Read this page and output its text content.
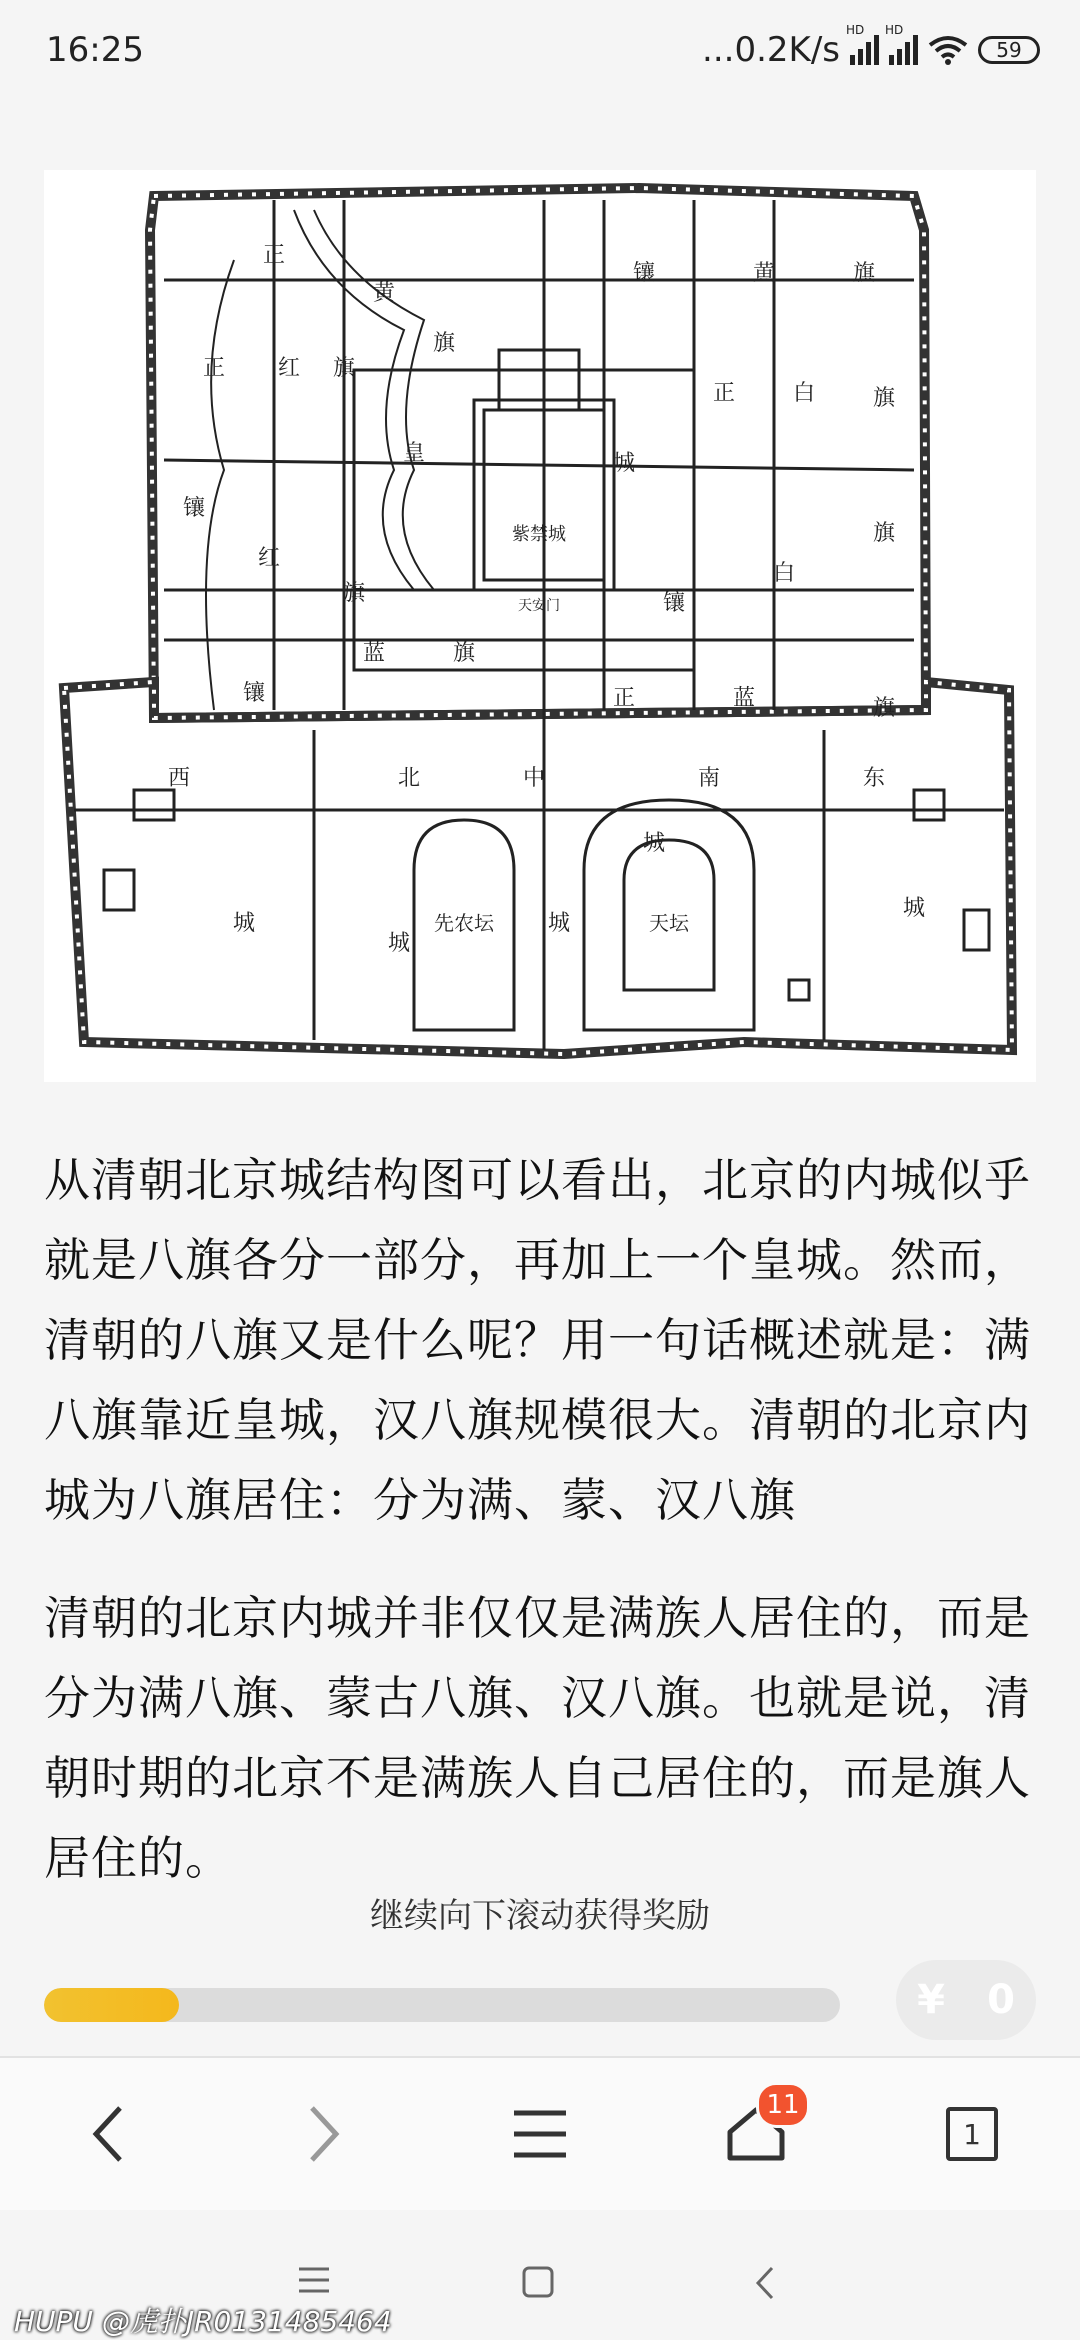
16:25	...0.2K/s HD HD
59
正
黄
镶	黄	旗
正 红 旗
正	白	旗
皇	城
旗
镶
紫禁城	旗
红
旗	镶
白
镶
蓝	旗
正	蓝	旗
南
西	北	中	东
城
城
城
先农坛 城	天坛
城
天安门

从清朝北京城结构图可以看出，北京的内城似乎就是八旗各分一部分，再加上一个皇城。然而，清朝的八旗又是什么呢？用一句话概述就是：满八旗靠近皇城，汉八旗规模很大。清朝的北京内城为八旗居住：分为满、蒙、汉八旗

清朝的北京内城并非仅仅是满族人居住的，而是分为满八旗、蒙古八旗、汉八旗。也就是说，清朝时期的北京不是满族人自己居住的，而是旗人居住的。

继续向下滚动获得奖励
¥ 0
11
1
HUPU @虎扑JR0131485464
